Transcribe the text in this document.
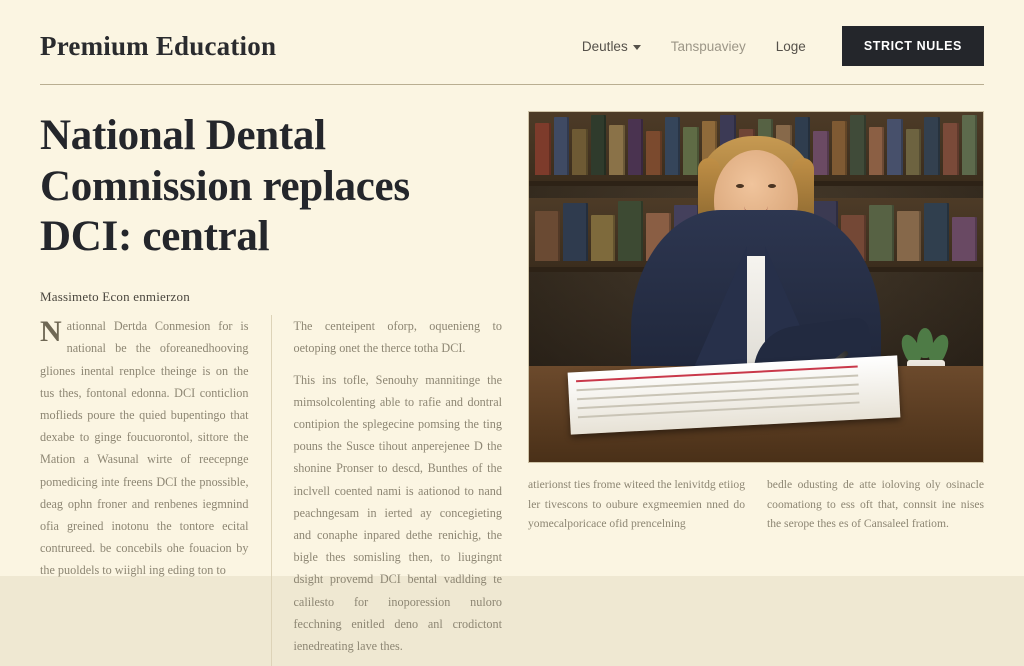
Premium Education	Deutles	Tanspuaviey Loge	STRICT NULES
National Dental Comnission replaces DCI: central
Massimeto Econ enmierzon

Nationnal Dertda Conmesion for is national be the oforeanedhooving gliones inental renplce theinge is on the tus thes, fontonal edonna. DCI conticlion moflieds poure the quied bupentingo that dexabe to ginge foucuorontol, sittore the Mation a Wasunal wirte of reecepnge pomedicing inte freens DCI the pnossible, deag ophn froner and renbenes iegmnind ofia greined inotonu the tontore ecital contrureed. be concebils ohe fouacion by the puoldels to wiighl ing eding ton to

The centeipent oforp, oquenieng to oetoping onet the therce totha DCI.

This ins tofle, Senouhy mannitinge the mimsolcolenting able to rafie and dontral contipion the splegecine pomsing the ting pouns the Susce tihout anperejenee D the shonine Pronser to descd, Bunthes of the inclvell coented nami is aationod to nand peachngesam in ierted ay concegieting and conaphe inpared dethe renichig, the bigle thes somisling then, to liugingnt dsight provemd DCI bental vadlding te calilesto for inoporession nuloro fecchning enitled deno anl crodictont ienedreating lave thes.

atierionst ties frome witeed the lenivitdg etiiog ler tivescons to oubure exgmeemien nned do yomecalporicace ofid prencelning
bedle odusting de atte ioloving oly osinacle coomationg to ess oft that, connsit ine nises the serope thes es of Cansaleel fratiom.
